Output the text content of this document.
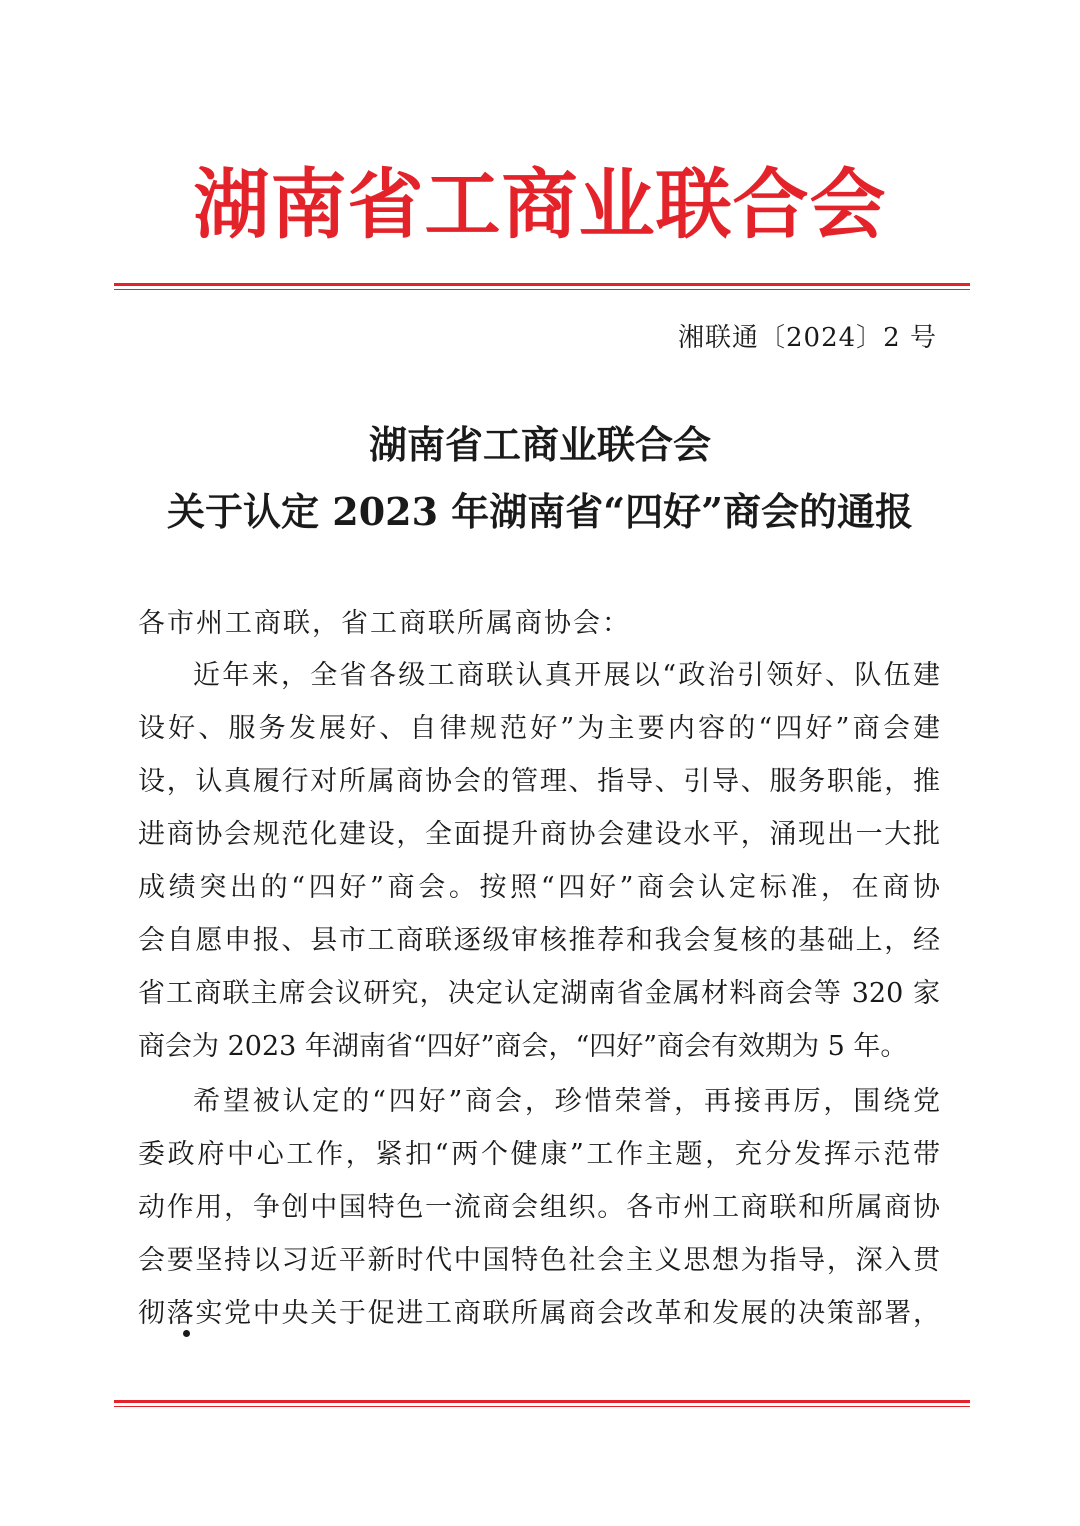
湖南省工商业联合会
湘联通〔2024〕2 号
湖南省工商业联合会
关于认定 2023 年湖南省“四好”商会的通报
各市州工商联，省工商联所属商协会：
近年来，全省各级工商联认真开展以“政治引领好、队伍建
设好、服务发展好、自律规范好”为主要内容的“四好”商会建
设，认真履行对所属商协会的管理、指导、引导、服务职能，推
进商协会规范化建设，全面提升商协会建设水平，涌现出一大批
成绩突出的“四好”商会。按照“四好”商会认定标准，在商协
会自愿申报、县市工商联逐级审核推荐和我会复核的基础上，经
省工商联主席会议研究，决定认定湖南省金属材料商会等 320 家
商会为 2023 年湖南省“四好”商会，“四好”商会有效期为 5 年。
希望被认定的“四好”商会，珍惜荣誉，再接再厉，围绕党
委政府中心工作，紧扣“两个健康”工作主题，充分发挥示范带
动作用，争创中国特色一流商会组织。各市州工商联和所属商协
会要坚持以习近平新时代中国特色社会主义思想为指导，深入贯
彻落实党中央关于促进工商联所属商会改革和发展的决策部署，
